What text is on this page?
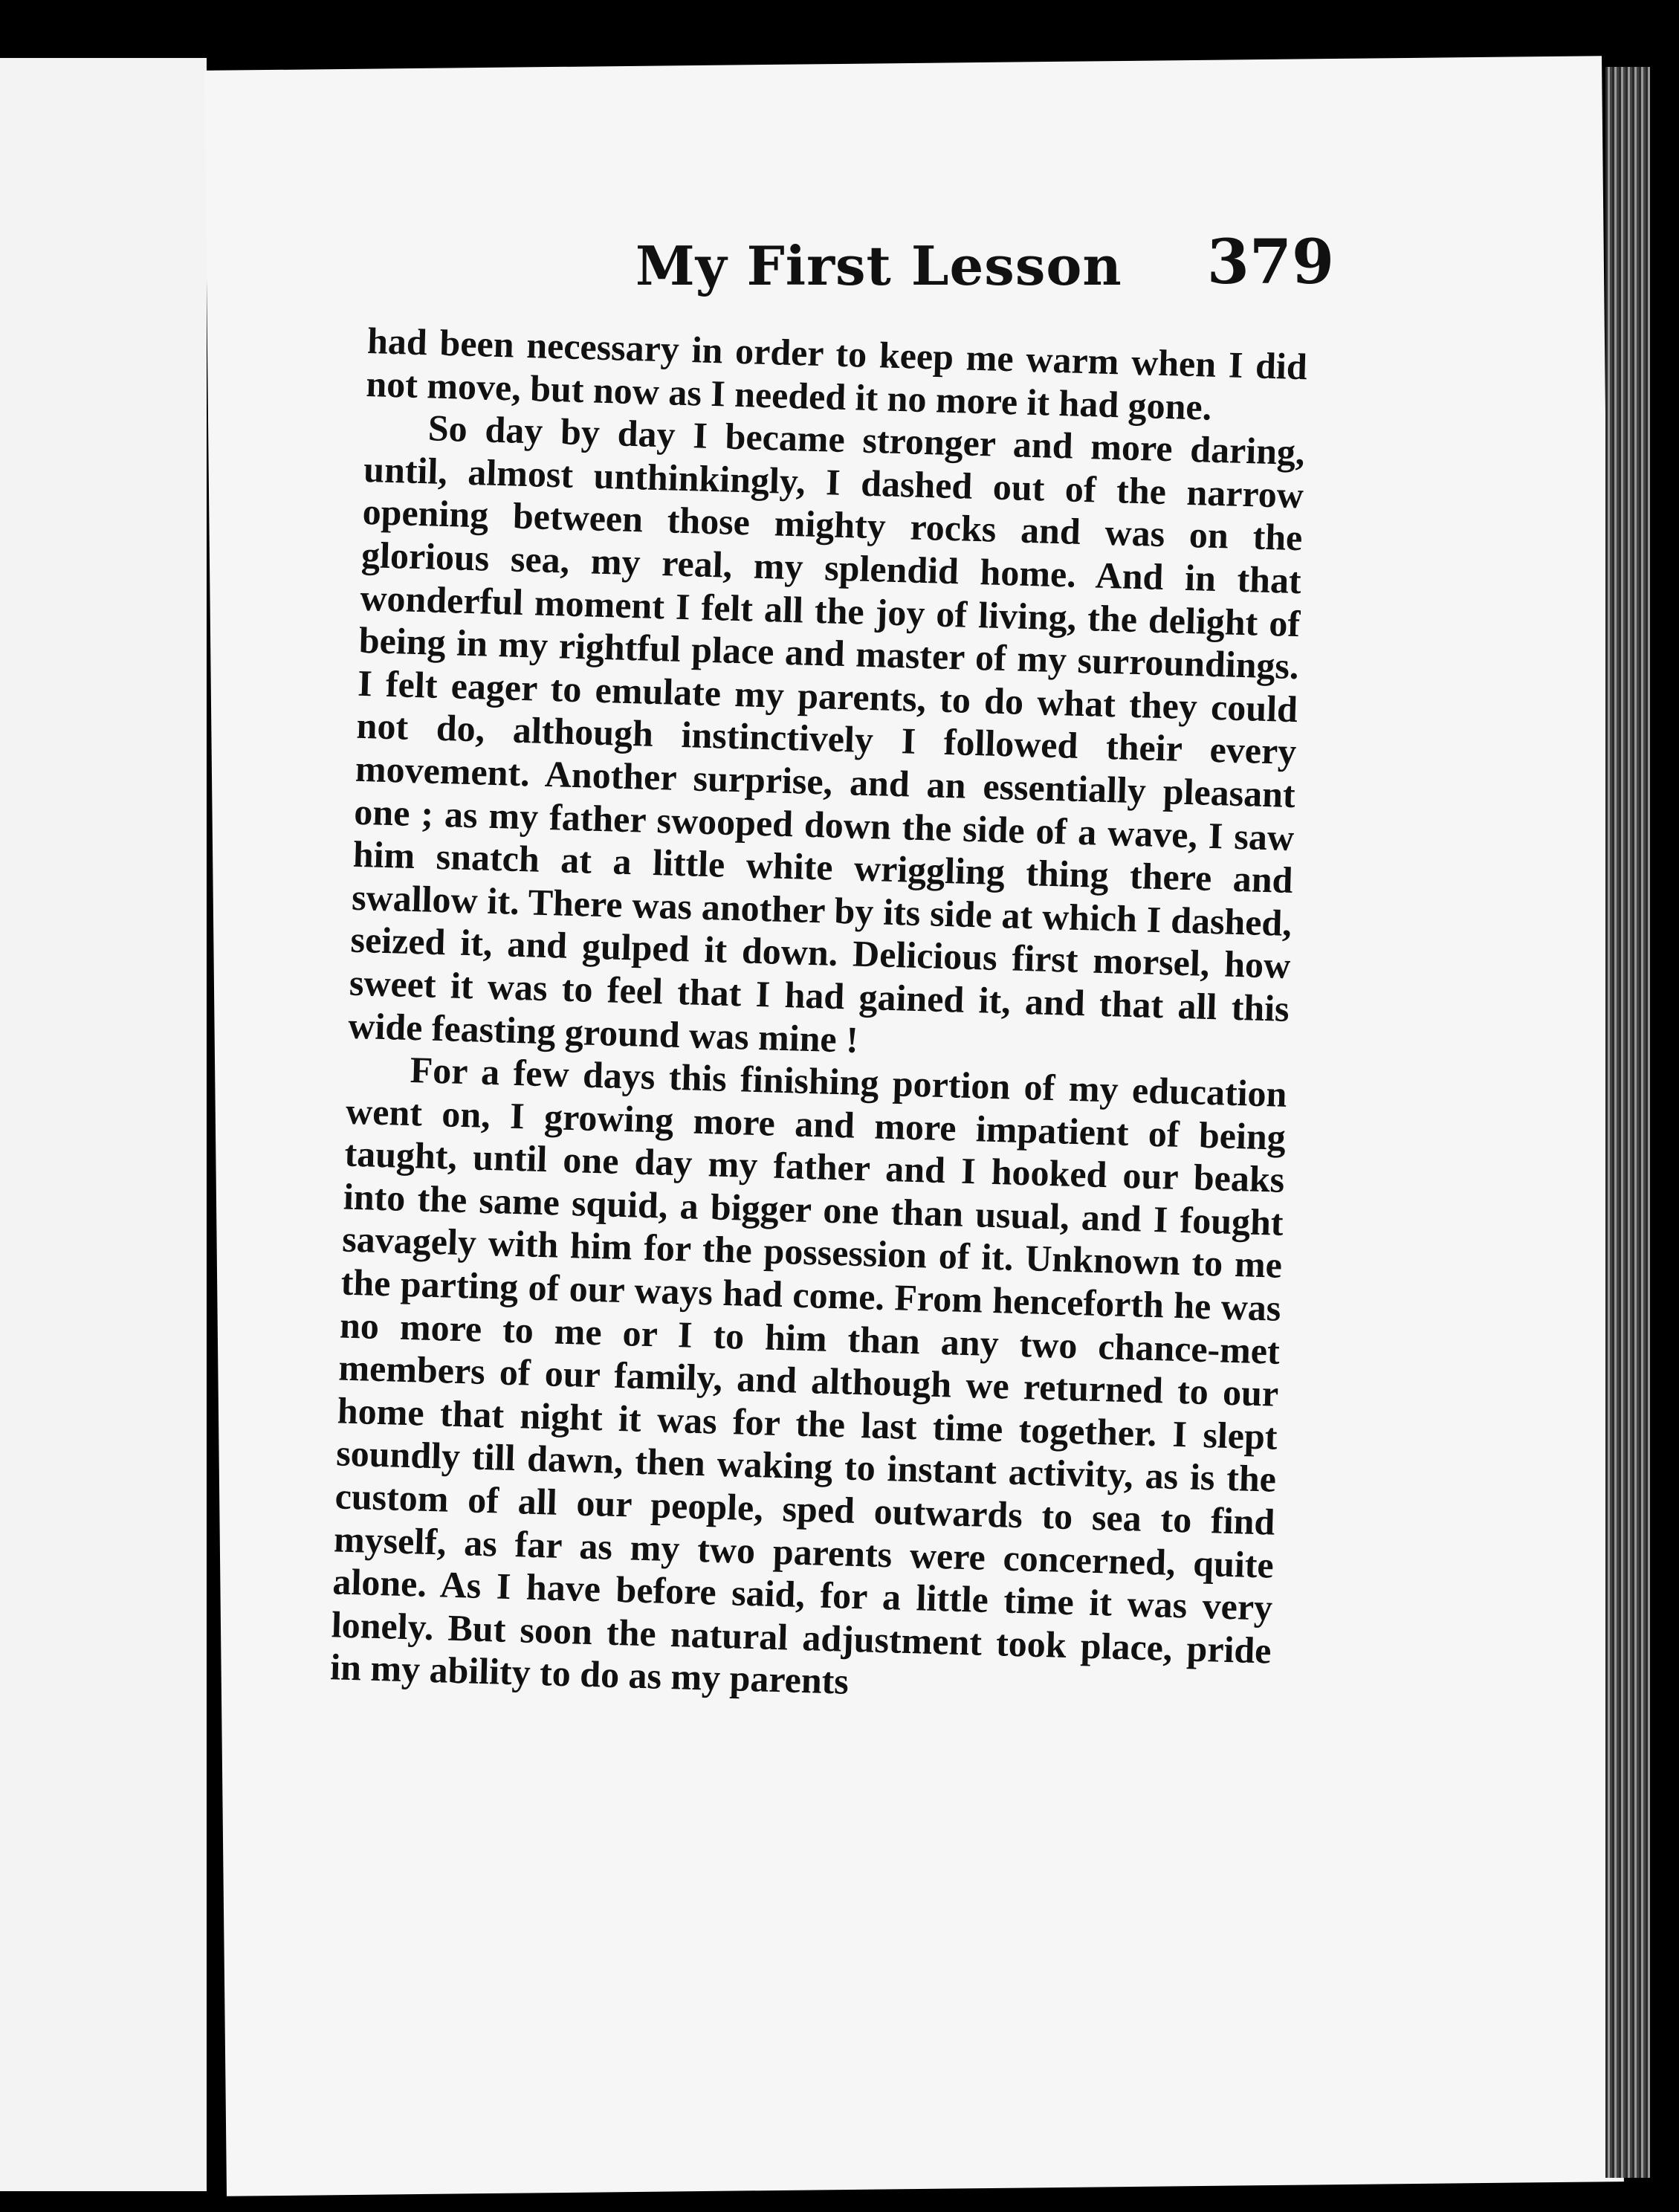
My First Lesson 379

had been necessary in order to keep me warm when I did not move, but now as I needed it no more it had gone.

So day by day I became stronger and more daring, until, almost unthinkingly, I dashed out of the narrow opening between those mighty rocks and was on the glorious sea, my real, my splendid home. And in that wonderful moment I felt all the joy of living, the delight of being in my rightful place and master of my surroundings. I felt eager to emulate my parents, to do what they could not do, although instinctively I followed their every movement. Another surprise, and an essentially pleasant one ; as my father swooped down the side of a wave, I saw him snatch at a little white wriggling thing there and swallow it. There was another by its side at which I dashed, seized it, and gulped it down. Delicious first morsel, how sweet it was to feel that I had gained it, and that all this wide feasting ground was mine !

For a few days this finishing portion of my education went on, I growing more and more impatient of being taught, until one day my father and I hooked our beaks into the same squid, a bigger one than usual, and I fought savagely with him for the possession of it. Unknown to me the parting of our ways had come. From henceforth he was no more to me or I to him than any two chance-met members of our family, and although we returned to our home that night it was for the last time together. I slept soundly till dawn, then waking to instant activity, as is the custom of all our people, sped outwards to sea to find myself, as far as my two parents were concerned, quite alone. As I have before said, for a little time it was very lonely. But soon the natural adjustment took place, pride in my ability to do as my parents
